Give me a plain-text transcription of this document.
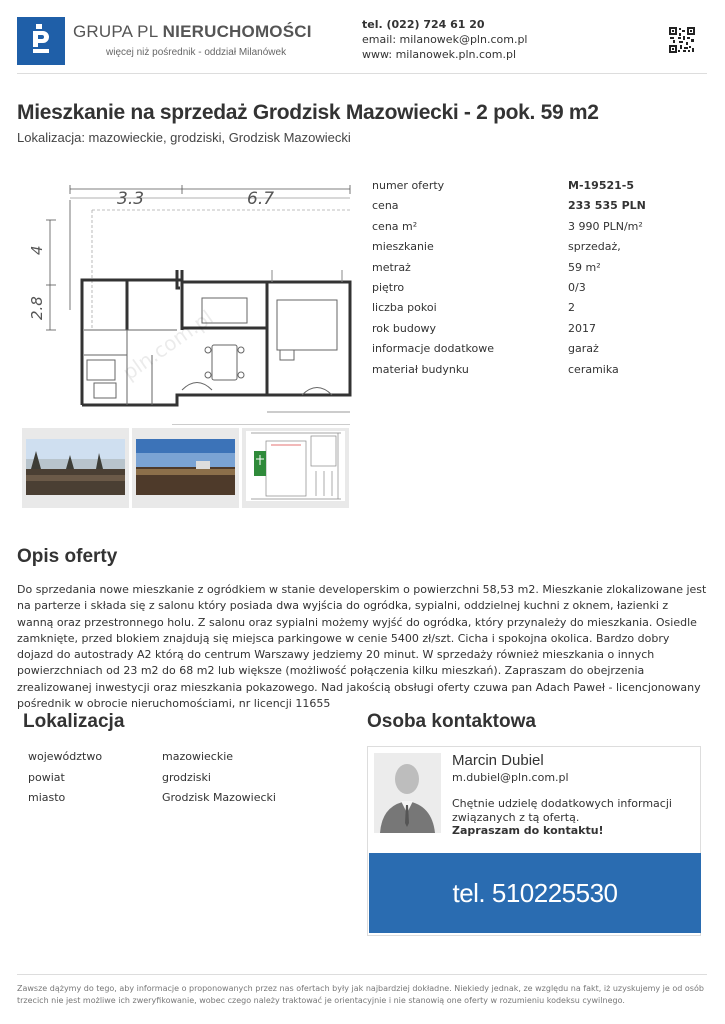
GRUPA PL NIERUCHOMOŚCI
więcej niż pośrednik - oddział Milanówek
tel. (022) 724 61 20
email: milanowek@pln.com.pl
www: milanowek.pln.com.pl
Mieszkanie na sprzedaż Grodzisk Mazowiecki - 2 pok. 59 m2
Lokalizacja: mazowieckie, grodziski, Grodzisk Mazowiecki
3.3	6.7
4
2.8	pln.com.pl
numer oferty	M-19521-5
cena	233 535 PLN
cena m²	3 990 PLN/m²
mieszkanie	sprzedaż,
metraż	59 m²
piętro	0/3
liczba pokoi	2
rok budowy	2017
informacje dodatkowe	garaż
materiał budynku	ceramika
Opis oferty

Do sprzedania nowe mieszkanie z ogródkiem w stanie developerskim o powierzchni 58,53 m2. Mieszkanie zlokalizowane jest na parterze i składa się z salonu który posiada dwa wyjścia do ogródka, sypialni, oddzielnej kuchni z oknem, łazienki z wanną oraz przestronnego holu. Z salonu oraz sypialni możemy wyjść do ogródka, który przynależy do mieszkania. Osiedle zamknięte, przed blokiem znajdują się miejsca parkingowe w cenie 5400 zł/szt. Cicha i spokojna okolica. Bardzo dobry dojazd do autostrady A2 którą do centrum Warszawy jedziemy 20 minut. W sprzedaży również mieszkania o innych powierzchniach od 23 m2 do 68 m2 lub większe (możliwość połączenia kilku mieszkań). Zapraszam do obejrzenia zrealizowanej inwestycji oraz mieszkania pokazowego. Nad jakością obsługi oferty czuwa pan Adach Paweł - licencjonowany pośrednik w obrocie nieruchomościami, nr licencji 11655

Lokalizacja
województwo	mazowieckie
powiat	grodziski
miasto	Grodzisk Mazowiecki
Osoba kontaktowa
Marcin Dubiel
m.dubiel@pln.com.pl
Chętnie udzielę dodatkowych informacji związanych z tą ofertą.
Zapraszam do kontaktu!
tel. 510225530

Zawsze dążymy do tego, aby informacje o proponowanych przez nas ofertach były jak najbardziej dokładne. Niekiedy jednak, ze względu na fakt, iż uzyskujemy je od osób trzecich nie jest możliwe ich zweryfikowanie, wobec czego należy traktować je orientacyjnie i nie stanowią one oferty w rozumieniu kodeksu cywilnego.
